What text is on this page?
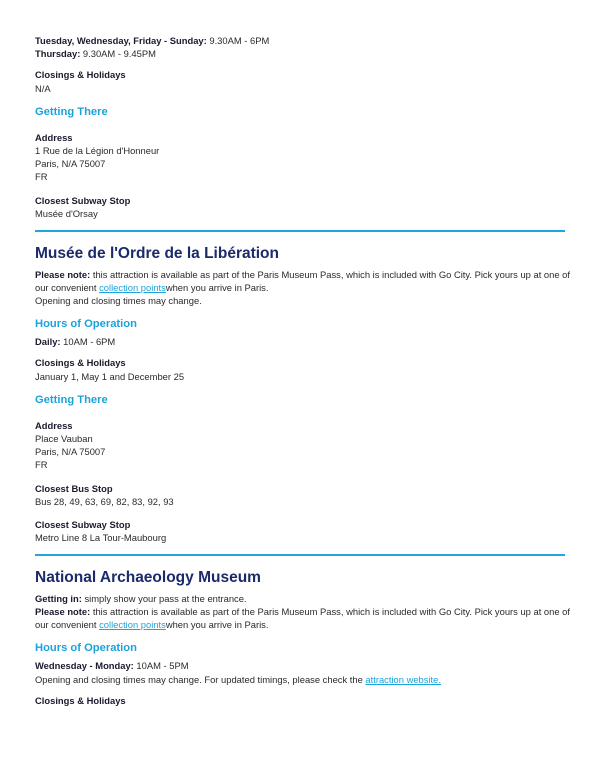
Tuesday, Wednesday, Friday - Sunday: 9.30AM - 6PM
Thursday: 9.30AM - 9.45PM
Closings & Holidays
N/A
Getting There
Address
1 Rue de la Légion d'Honneur
Paris, N/A 75007
FR
Closest Subway Stop
Musée d'Orsay
Musée de l'Ordre de la Libération
Please note: this attraction is available as part of the Paris Museum Pass, which is included with Go City. Pick yours up at one of
our convenient collection pointswhen you arrive in Paris.
Opening and closing times may change.
Hours of Operation
Daily: 10AM - 6PM
Closings & Holidays
January 1, May 1 and December 25
Getting There
Address
Place Vauban
Paris, N/A 75007
FR
Closest Bus Stop
Bus 28, 49, 63, 69, 82, 83, 92, 93
Closest Subway Stop
Metro Line 8 La Tour-Maubourg
National Archaeology Museum
Getting in: simply show your pass at the entrance.
Please note: this attraction is available as part of the Paris Museum Pass, which is included with Go City. Pick yours up at one of
our convenient collection pointswhen you arrive in Paris.
Hours of Operation
Wednesday - Monday: 10AM - 5PM
Opening and closing times may change. For updated timings, please check the attraction website.
Closings & Holidays
